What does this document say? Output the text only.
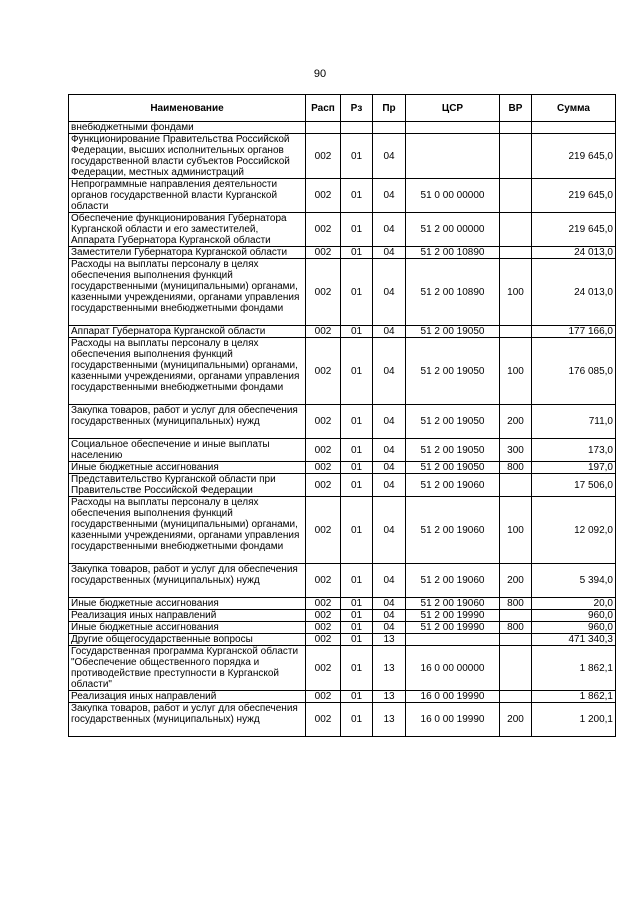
90
Наименование	Расп	Рз	Пр	ЦСР	ВР	Сумма
внебюджетными фондами						
Функционирование Правительства Российской Федерации, высших исполнительных органов государственной власти субъектов Российской Федерации, местных администраций	002	01	04			219 645,0
Непрограммные направления деятельности органов государственной власти Курганской области	002	01	04	51 0 00 00000		219 645,0
Обеспечение функционирования Губернатора Курганской области и его заместителей, Аппарата Губернатора Курганской области	002	01	04	51 2 00 00000		219 645,0
Заместители Губернатора Курганской области	002	01	04	51 2 00 10890		24 013,0
Расходы на выплаты персоналу в целях обеспечения выполнения функций государственными (муниципальными) органами, казенными учреждениями, органами управления государственными внебюджетными фондами	002	01	04	51 2 00 10890	100	24 013,0
Аппарат Губернатора Курганской области	002	01	04	51 2 00 19050		177 166,0
Расходы на выплаты персоналу в целях обеспечения выполнения функций государственными (муниципальными) органами, казенными учреждениями, органами управления государственными внебюджетными фондами	002	01	04	51 2 00 19050	100	176 085,0
Закупка товаров, работ и услуг для обеспечения государственных (муниципальных) нужд	002	01	04	51 2 00 19050	200	711,0
Социальное обеспечение и иные выплаты населению	002	01	04	51 2 00 19050	300	173,0
Иные бюджетные ассигнования	002	01	04	51 2 00 19050	800	197,0
Представительство Курганской области при Правительстве Российской Федерации	002	01	04	51 2 00 19060		17 506,0
Расходы на выплаты персоналу в целях обеспечения выполнения функций государственными (муниципальными) органами, казенными учреждениями, органами управления государственными внебюджетными фондами	002	01	04	51 2 00 19060	100	12 092,0
Закупка товаров, работ и услуг для обеспечения государственных (муниципальных) нужд	002	01	04	51 2 00 19060	200	5 394,0
Иные бюджетные ассигнования	002	01	04	51 2 00 19060	800	20,0
Реализация иных направлений	002	01	04	51 2 00 19990		960,0
Иные бюджетные ассигнования	002	01	04	51 2 00 19990	800	960,0
Другие общегосударственные вопросы	002	01	13			471 340,3
Государственная программа Курганской области "Обеспечение общественного порядка и противодействие преступности в Курганской области"	002	01	13	16 0 00 00000		1 862,1
Реализация иных направлений	002	01	13	16 0 00 19990		1 862,1
Закупка товаров, работ и услуг для обеспечения государственных (муниципальных) нужд	002	01	13	16 0 00 19990	200	1 200,1
